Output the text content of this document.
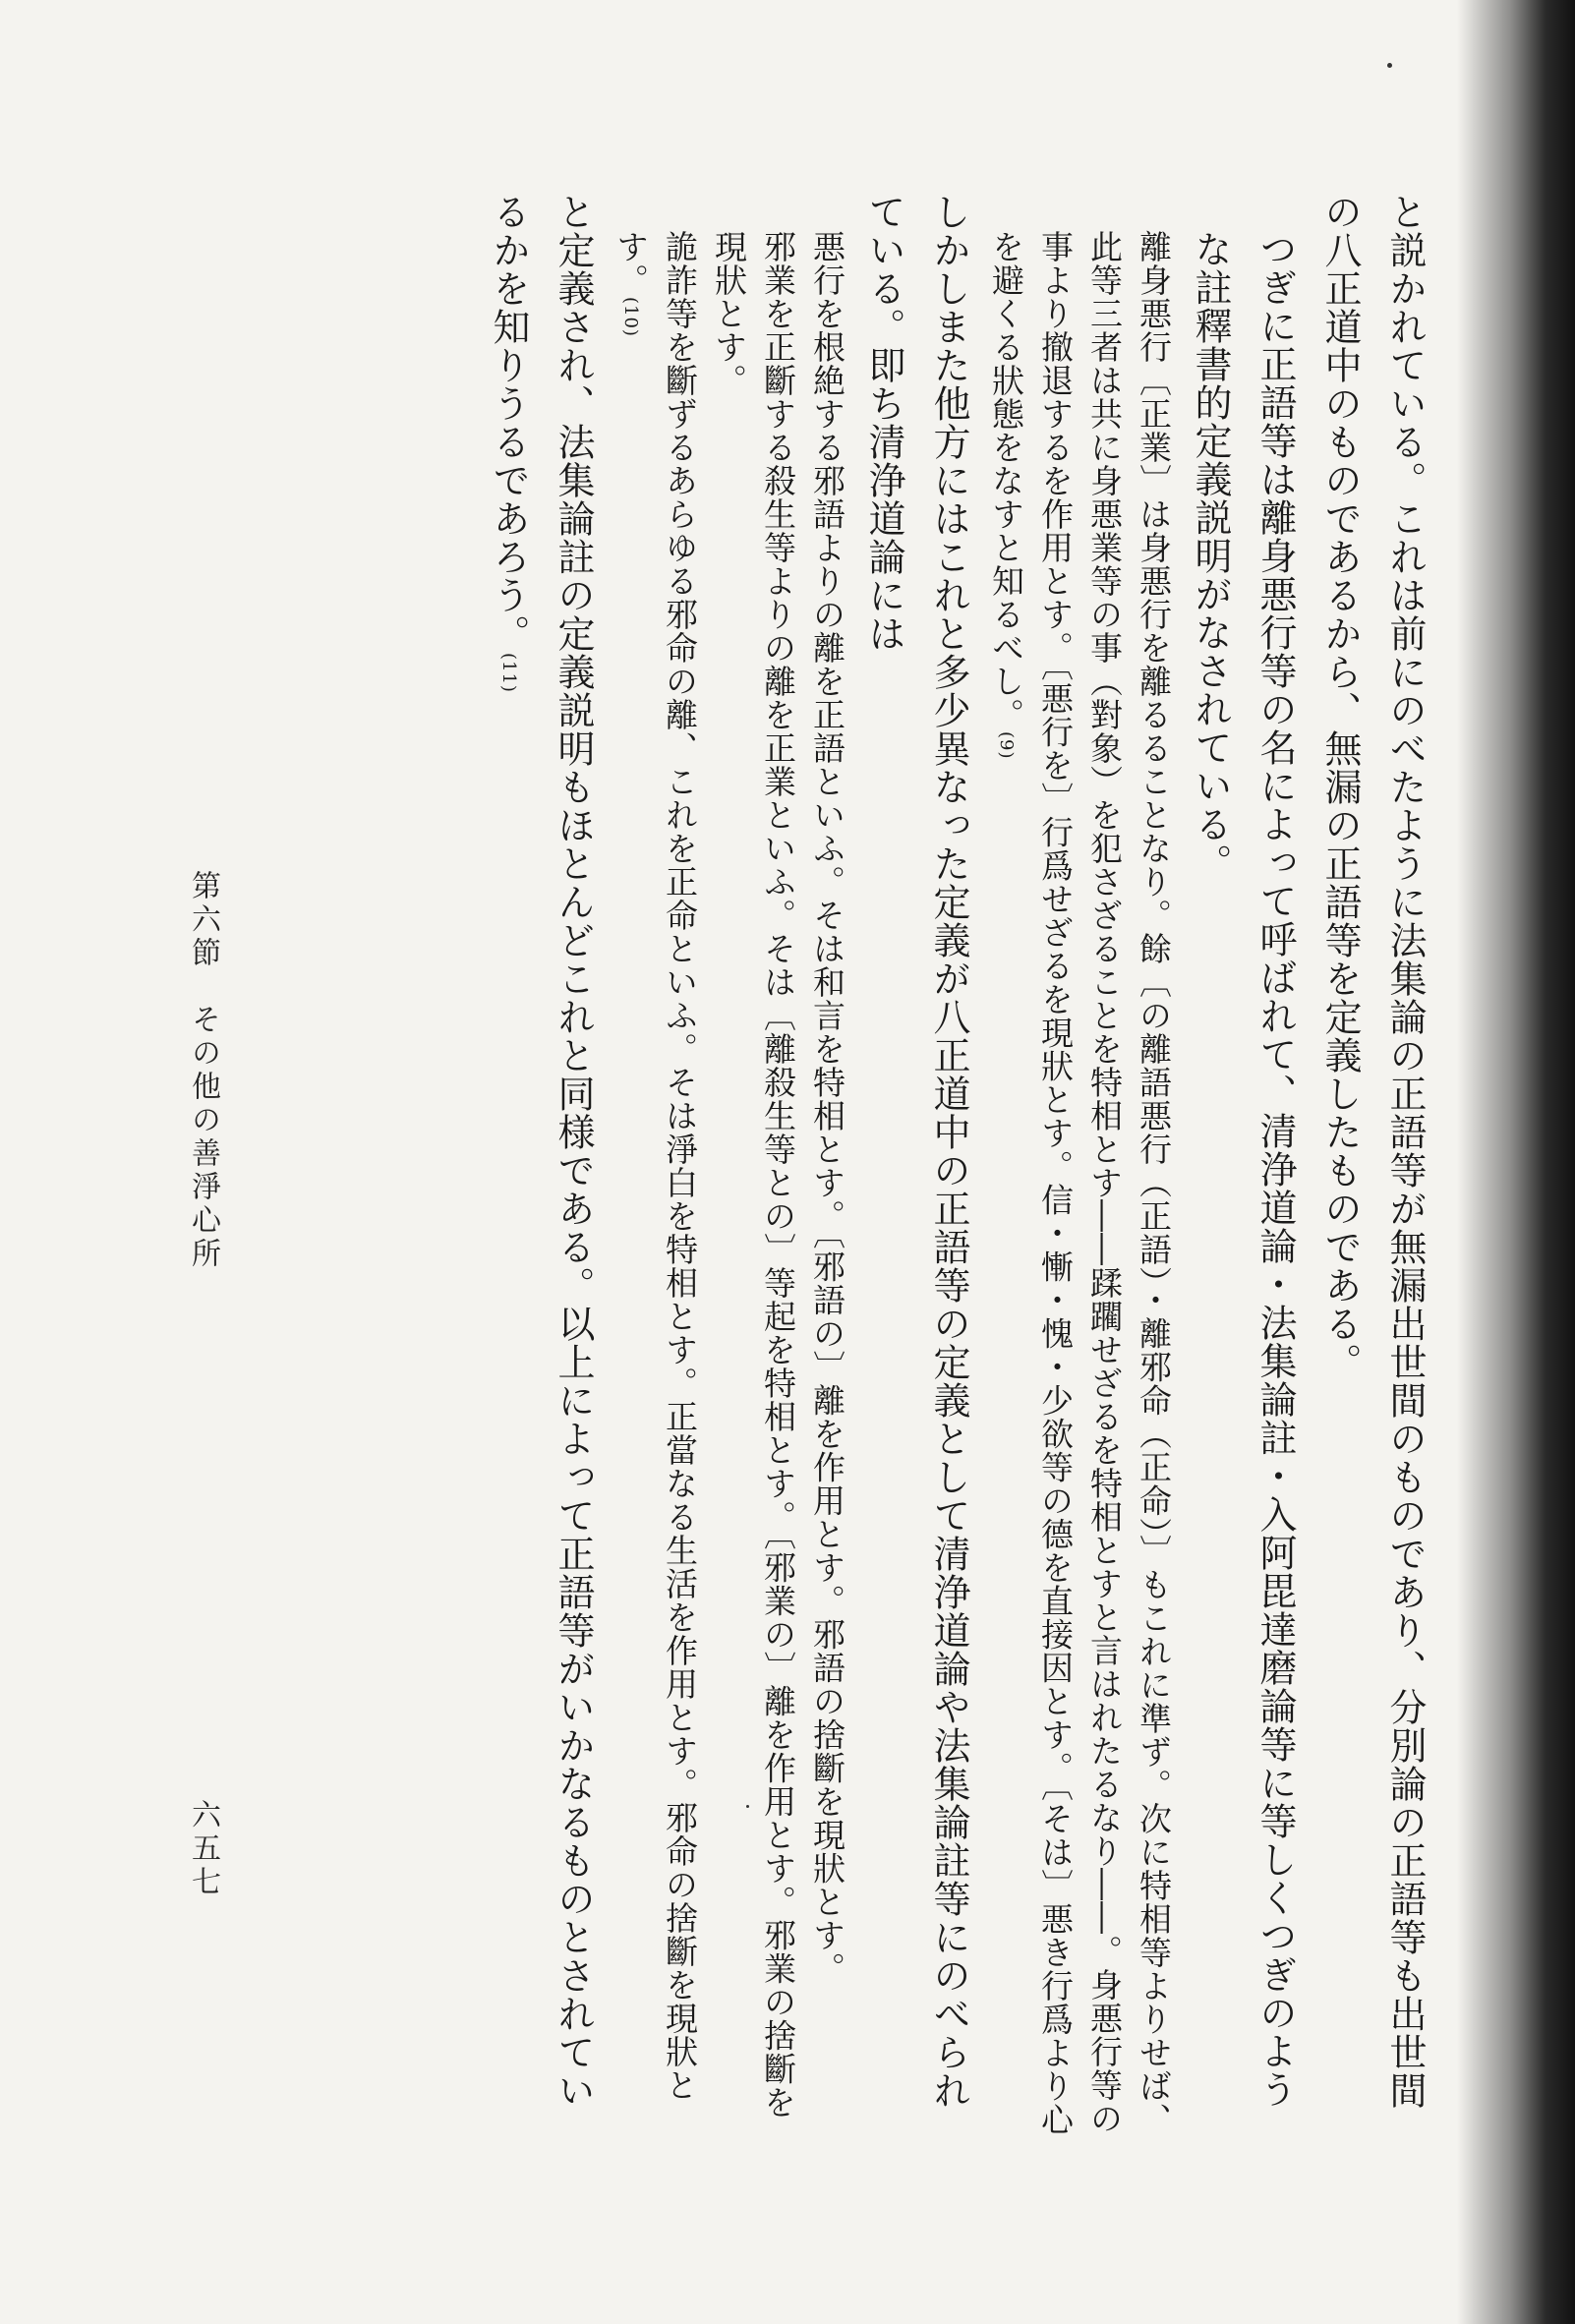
と説かれている。これは前にのべたように法集論の正語等が無漏出世間のものであり、分別論の正語等も出世間の八正道中のものであるから、無漏の正語等を定義したものである。

つぎに正語等は離身悪行等の名によって呼ばれて、清浄道論・法集論註・入阿毘達磨論等に等しくつぎのような註釋書的定義説明がなされている。

離身悪行〔正業〕は身悪行を離るることなり。餘〔の離語悪行（正語）・離邪命（正命）〕もこれに準ず。次に特相等よりせば、此等三者は共に身悪業等の事（對象）を犯さざることを特相とす――蹂躙せざるを特相とすと言はれたるなり――。身悪行等の事より撤退するを作用とす。〔悪行を〕行爲せざるを現狀とす。信・慚・愧・少欲等の德を直接因とす。〔そは〕悪き行爲より心を避くる狀態をなすと知るべし。(9)

しかしまた他方にはこれと多少異なった定義が八正道中の正語等の定義として清浄道論や法集論註等にのべられている。即ち清浄道論には

悪行を根絶する邪語よりの離を正語といふ。そは和言を特相とす。〔邪語の〕離を作用とす。邪語の捨斷を現狀とす。

邪業を正斷する殺生等よりの離を正業といふ。そは〔離殺生等との〕等起を特相とす。〔邪業の〕離を作用とす。邪業の捨斷を現狀とす。

詭詐等を斷ずるあらゆる邪命の離、これを正命といふ。そは淨白を特相とす。正當なる生活を作用とす。邪命の捨斷を現狀とす。(10)

と定義され、法集論註の定義説明もほとんどこれと同様である。以上によって正語等がいかなるものとされているかを知りうるであろう。(11)

第六節　その他の善淨心所
六五七
